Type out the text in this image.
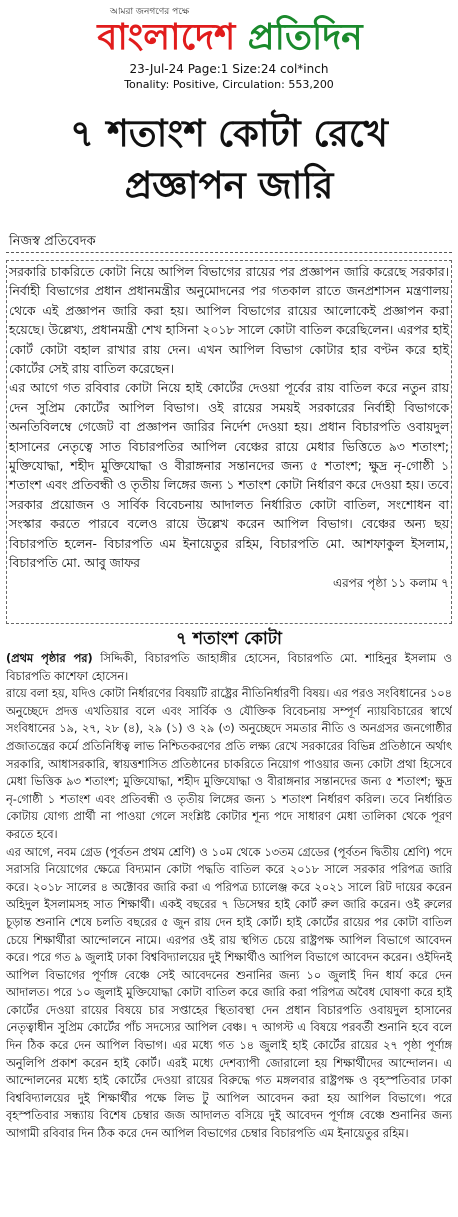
আমরা জনগণের পক্ষে
বাংলাদেশ প্রতিদিন
23-Jul-24 Page:1 Size:24 col*inch
Tonality: Positive, Circulation: 553,200
৭ শতাংশ কোটা রেখে প্রজ্ঞাপন জারি
নিজস্ব প্রতিবেদক

সরকারি চাকরিতে কোটা নিয়ে আপিল বিভাগের রায়ের পর প্রজ্ঞাপন জারি করেছে সরকার। নির্বাহী বিভাগের প্রধান প্রধানমন্ত্রীর অনুমোদনের পর গতকাল রাতে জনপ্রশাসন মন্ত্রণালয় থেকে এই প্রজ্ঞাপন জারি করা হয়। আপিল বিভাগের রায়ের আলোকেই প্রজ্ঞাপন করা হয়েছে। উল্লেখ্য, প্রধানমন্ত্রী শেখ হাসিনা ২০১৮ সালে কোটা বাতিল করেছিলেন। এরপর হাই কোর্ট কোটা বহাল রাখার রায় দেন। এখন আপিল বিভাগ কোটার হার বণ্টন করে হাই কোর্টের সেই রায় বাতিল করেছেন।

এর আগে গত রবিবার কোটা নিয়ে হাই কোর্টের দেওয়া পূর্বের রায় বাতিল করে নতুন রায় দেন সুপ্রিম কোর্টের আপিল বিভাগ। ওই রায়ের সময়ই সরকারের নির্বাহী বিভাগকে অনতিবিলম্বে গেজেট বা প্রজ্ঞাপন জারির নির্দেশ দেওয়া হয়। প্রধান বিচারপতি ওবায়দুল হাসানের নেতৃত্বে সাত বিচারপতির আপিল বেঞ্চের রায়ে মেধার ভিত্তিতে ৯৩ শতাংশ; মুক্তিযোদ্ধা, শহীদ মুক্তিযোদ্ধা ও বীরাঙ্গনার সন্তানদের জন্য ৫ শতাংশ; ক্ষুদ্র নৃ-গোষ্ঠী ১ শতাংশ এবং প্রতিবন্ধী ও তৃতীয় লিঙ্গের জন্য ১ শতাংশ কোটা নির্ধারণ করে দেওয়া হয়। তবে সরকার প্রয়োজন ও সার্বিক বিবেচনায় আদালত নির্ধারিত কোটা বাতিল, সংশোধন বা সংস্কার করতে পারবে বলেও রায়ে উল্লেখ করেন আপিল বিভাগ। বেঞ্চের অন্য ছয় বিচারপতি হলেন- বিচারপতি এম ইনায়েতুর রহিম, বিচারপতি মো. আশফাকুল ইসলাম, বিচারপতি মো. আবু জাফর

এরপর পৃষ্ঠা ১১ কলাম ৭
৭ শতাংশ কোটা

(প্রথম পৃষ্ঠার পর) সিদ্দিকী, বিচারপতি জাহাঙ্গীর হোসেন, বিচারপতি মো. শাহিনুর ইসলাম ও বিচারপতি কাশেফা হোসেন।

রায়ে বলা হয়, যদিও কোটা নির্ধারণের বিষয়টি রাষ্ট্রের নীতিনির্ধারণী বিষয়। এর পরও সংবিধানের ১০৪ অনুচ্ছেদে প্রদত্ত এখতিয়ার বলে এবং সার্বিক ও যৌক্তিক বিবেচনায় সম্পূর্ণ ন্যায়বিচারের স্বার্থে সংবিধানের ১৯, ২৭, ২৮ (৪), ২৯ (১) ও ২৯ (৩) অনুচ্ছেদে সমতার নীতি ও অনগ্রসর জনগোষ্ঠীর প্রজাতন্ত্রের কর্মে প্রতিনিধিত্ব লাভ নিশ্চিতকরণের প্রতি লক্ষ্য রেখে সরকারের বিভিন্ন প্রতিষ্ঠানে অর্থাৎ সরকারি, আধাসরকারি, স্বায়ত্তশাসিত প্রতিষ্ঠানের চাকরিতে নিয়োগ পাওয়ার জন্য কোটা প্রথা হিসেবে মেধা ভিত্তিক ৯৩ শতাংশ; মুক্তিযোদ্ধা, শহীদ মুক্তিযোদ্ধা ও বীরাঙ্গনার সন্তানদের জন্য ৫ শতাংশ; ক্ষুদ্র নৃ-গোষ্ঠী ১ শতাংশ এবং প্রতিবন্ধী ও তৃতীয় লিঙ্গের জন্য ১ শতাংশ নির্ধারণ করিল। তবে নির্ধারিত কোটায় যোগ্য প্রার্থী না পাওয়া গেলে সংশ্লিষ্ট কোটার শূন্য পদে সাধারণ মেধা তালিকা থেকে পূরণ করতে হবে।

এর আগে, নবম গ্রেড (পূর্বতন প্রথম শ্রেণি) ও ১০ম থেকে ১৩তম গ্রেডের (পূর্বতন দ্বিতীয় শ্রেণি) পদে সরাসরি নিয়োগের ক্ষেত্রে বিদ্যমান কোটা পদ্ধতি বাতিল করে ২০১৮ সালে সরকার পরিপত্র জারি করে। ২০১৮ সালের ৪ অক্টোবর জারি করা এ পরিপত্র চ্যালেঞ্জ করে ২০২১ সালে রিট দায়ের করেন অহিদুল ইসলামসহ সাত শিক্ষার্থী। একই বছরের ৭ ডিসেম্বর হাই কোর্ট রুল জারি করেন। ওই রুলের চূড়ান্ত শুনানি শেষে চলতি বছরের ৫ জুন রায় দেন হাই কোর্ট। হাই কোর্টের রায়ের পর কোটা বাতিল চেয়ে শিক্ষার্থীরা আন্দোলনে নামে। এরপর ওই রায় স্থগিত চেয়ে রাষ্ট্রপক্ষ আপিল বিভাগে আবেদন করে। পরে গত ৯ জুলাই ঢাকা বিশ্ববিদ্যালয়ের দুই শিক্ষার্থীও আপিল বিভাগে আবেদন করেন। ওইদিনই আপিল বিভাগের পূর্ণাঙ্গ বেঞ্চে সেই আবেদনের শুনানির জন্য ১০ জুলাই দিন ধার্য করে দেন আদালত। পরে ১০ জুলাই মুক্তিযোদ্ধা কোটা বাতিল করে জারি করা পরিপত্র অবৈধ ঘোষণা করে হাই কোর্টের দেওয়া রায়ের বিষয়ে চার সপ্তাহের স্থিতাবস্থা দেন প্রধান বিচারপতি ওবায়দুল হাসানের নেতৃত্বাধীন সুপ্রিম কোর্টের পাঁচ সদস্যের আপিল বেঞ্চ। ৭ আগস্ট এ বিষয়ে পরবর্তী শুনানি হবে বলে দিন ঠিক করে দেন আপিল বিভাগ। এর মধ্যে গত ১৪ জুলাই হাই কোর্টের রায়ের ২৭ পৃষ্ঠা পূর্ণাঙ্গ অনুলিপি প্রকাশ করেন হাই কোর্ট। এরই মধ্যে দেশব্যাপী জোরালো হয় শিক্ষার্থীদের আন্দোলন। এ আন্দোলনের মধ্যে হাই কোর্টের দেওয়া রায়ের বিরুদ্ধে গত মঙ্গলবার রাষ্ট্রপক্ষ ও বৃহস্পতিবার ঢাকা বিশ্ববিদ্যালয়ের দুই শিক্ষার্থীর পক্ষে লিভ টু আপিল আবেদন করা হয় আপিল বিভাগে। পরে বৃহস্পতিবার সন্ধ্যায় বিশেষ চেম্বার জজ আদালত বসিয়ে দুই আবেদন পূর্ণাঙ্গ বেঞ্চে শুনানির জন্য আগামী রবিবার দিন ঠিক করে দেন আপিল বিভাগের চেম্বার বিচারপতি এম ইনায়েতুর রহিম।
